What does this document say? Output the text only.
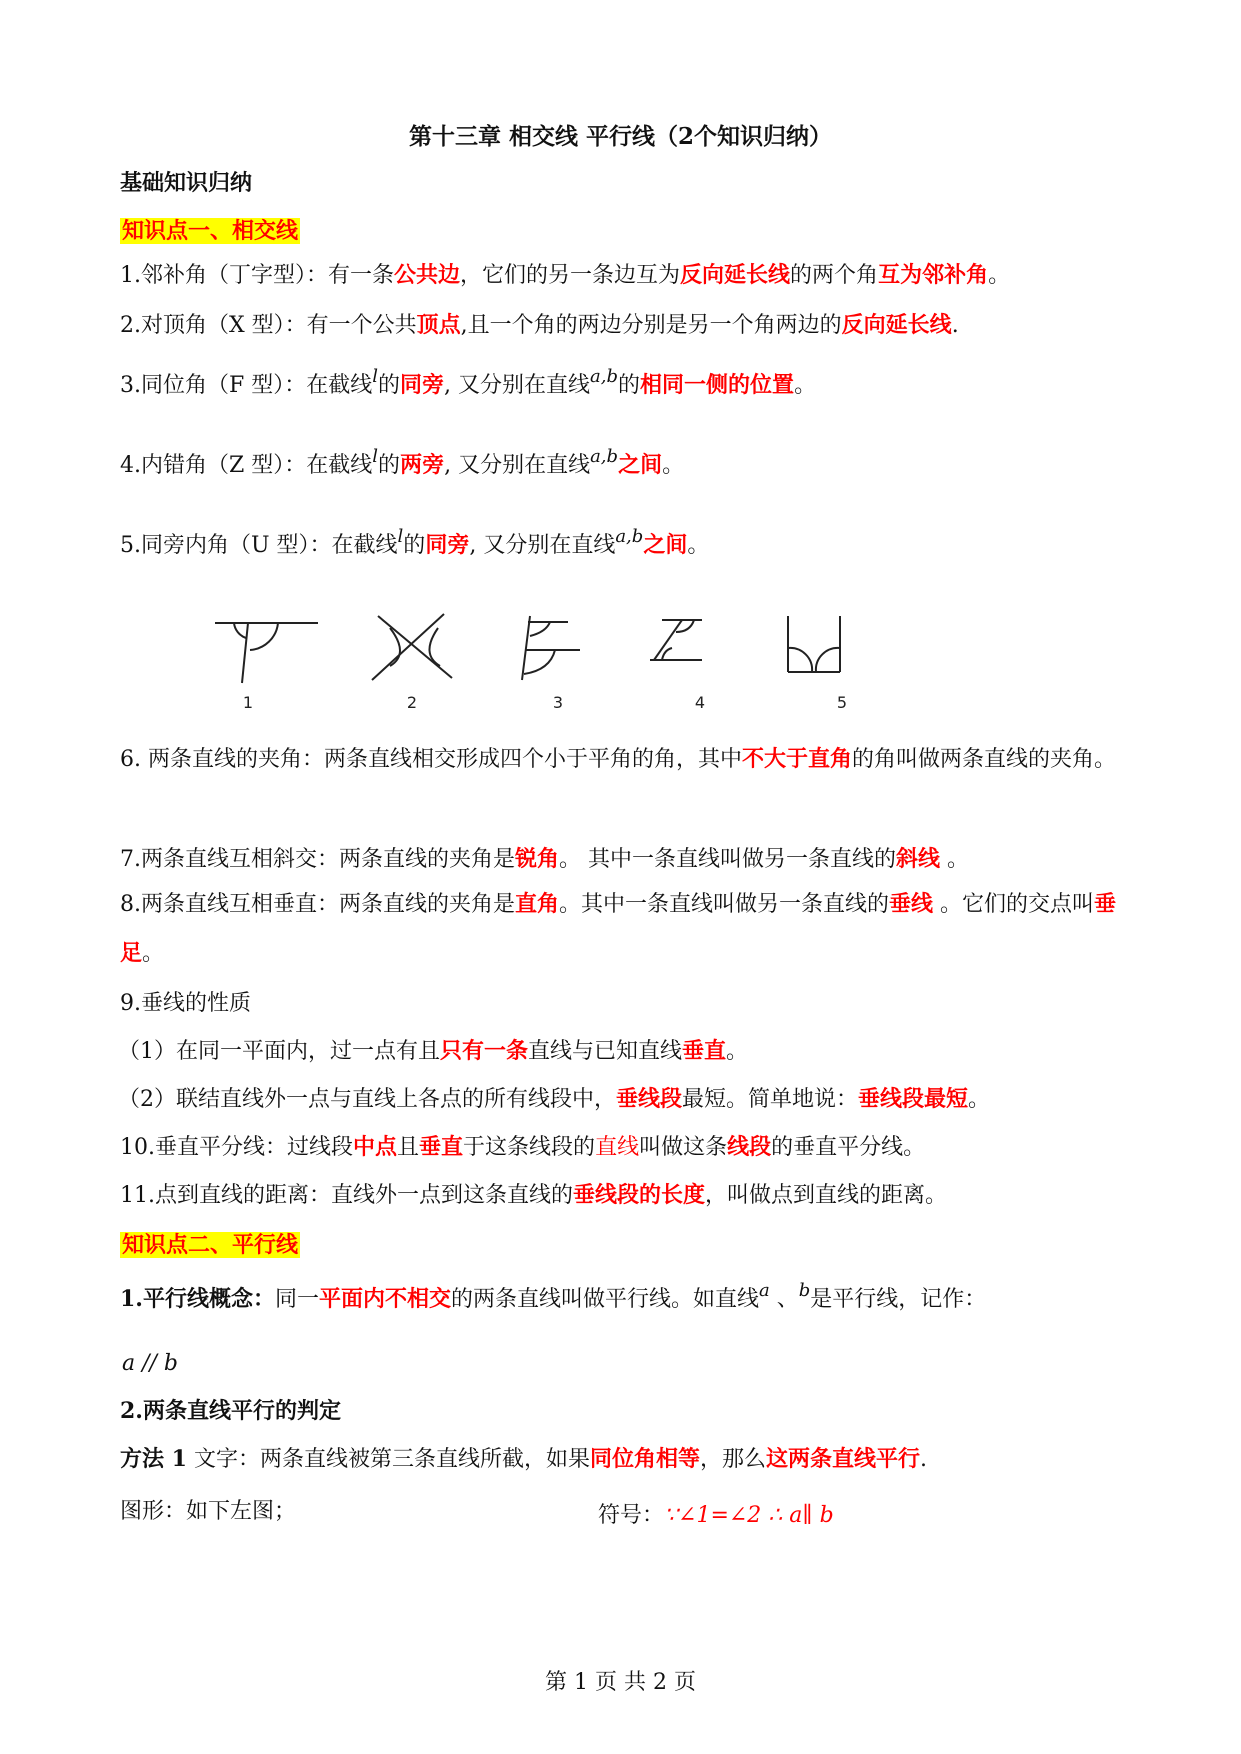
第十三章 相交线 平行线（2个知识归纳）
基础知识归纳
知识点一、相交线
1.邻补角（丁字型）：有一条公共边，它们的另一条边互为反向延长线的两个角互为邻补角。
2.对顶角（X 型）：有一个公共顶点,且一个角的两边分别是另一个角两边的反向延长线.
3.同位角（F 型）：在截线$^l$的同旁, 又分别在直线$^{a,b}$的相同一侧的位置。
4.内错角（Z 型）：在截线$^l$的两旁, 又分别在直线$^{a,b}$之间。
5.同旁内角（U 型）：在截线$^l$的同旁, 又分别在直线$^{a,b}$之间。
1	2	3	4	5
6. 两条直线的夹角：两条直线相交形成四个小于平角的角，其中不大于直角的角叫做两条直线的夹角。
7.两条直线互相斜交：两条直线的夹角是锐角。 其中一条直线叫做另一条直线的斜线 。
8.两条直线互相垂直：两条直线的夹角是直角。其中一条直线叫做另一条直线的垂线 。它们的交点叫垂足。
9.垂线的性质
（1）在同一平面内，过一点有且只有一条直线与已知直线垂直。
（2）联结直线外一点与直线上各点的所有线段中，垂线段最短。简单地说：垂线段最短。
10.垂直平分线：过线段中点且垂直于这条线段的直线叫做这条线段的垂直平分线。
11.点到直线的距离：直线外一点到这条直线的垂线段的长度，叫做点到直线的距离。
知识点二、平行线
1.平行线概念：同一平面内不相交的两条直线叫做平行线。如直线$^a$ 、$^b$是平行线，记作：
a // b
2.两条直线平行的判定
方法 1 文字：两条直线被第三条直线所截，如果同位角相等，那么这两条直线平行.
图形：如下左图；	符号：∵∠1=∠2 ∴ a∥ b
第 1 页 共 2 页
